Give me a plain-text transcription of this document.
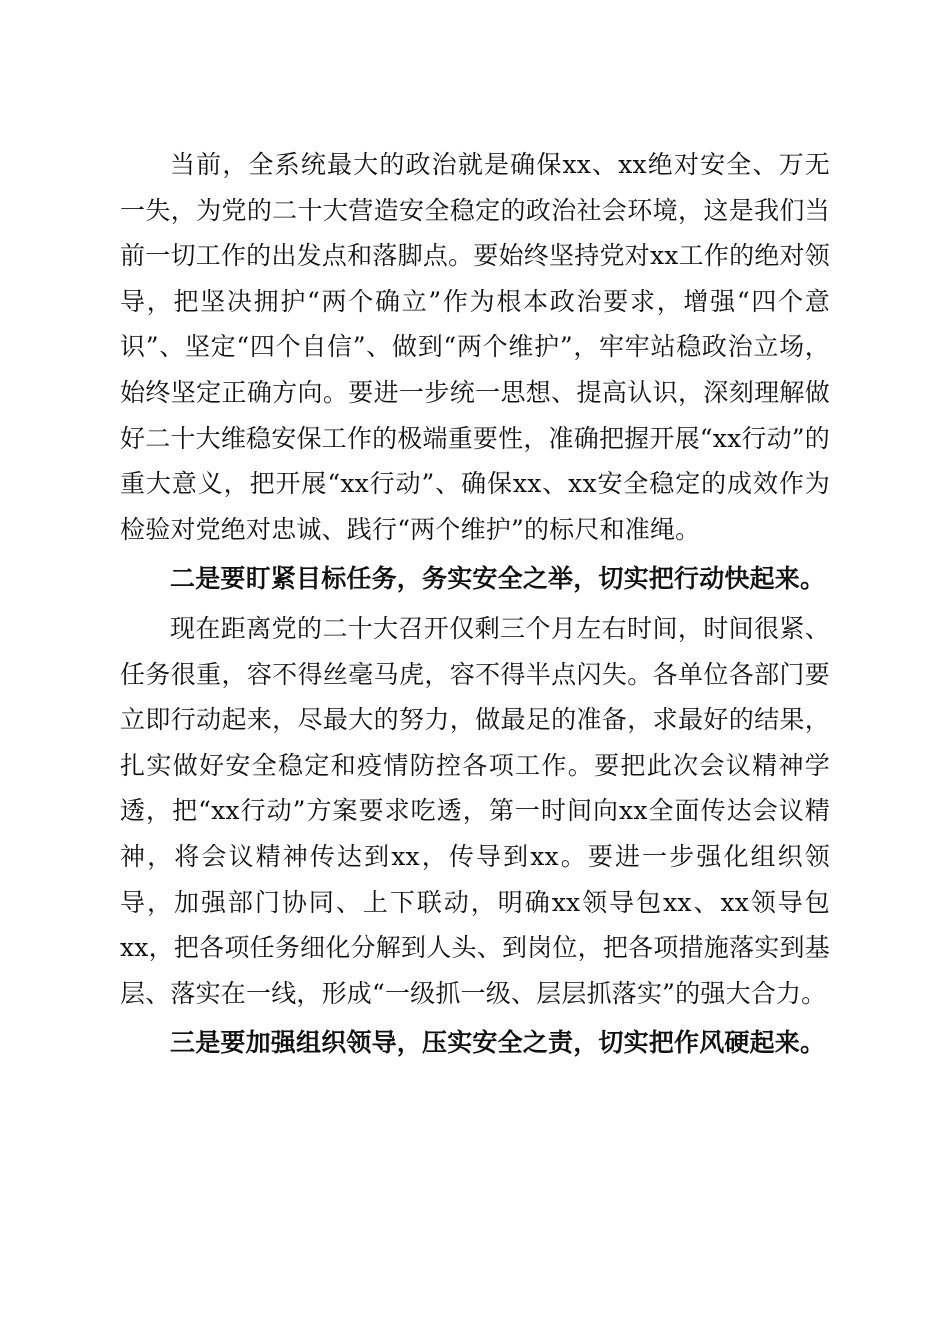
当前，全系统最大的政治就是确保xx、xx绝对安全、万无一失，为党的二十大营造安全稳定的政治社会环境，这是我们当前一切工作的出发点和落脚点。要始终坚持党对xx工作的绝对领导，把坚决拥护“两个确立”作为根本政治要求，增强“四个意识”、坚定“四个自信”、做到“两个维护”，牢牢站稳政治立场，始终坚定正确方向。要进一步统一思想、提高认识，深刻理解做好二十大维稳安保工作的极端重要性，准确把握开展“xx行动”的重大意义，把开展“xx行动”、确保xx、xx安全稳定的成效作为检验对党绝对忠诚、践行“两个维护”的标尺和准绳。

二是要盯紧目标任务，务实安全之举，切实把行动快起来。

现在距离党的二十大召开仅剩三个月左右时间，时间很紧、任务很重，容不得丝毫马虎，容不得半点闪失。各单位各部门要立即行动起来，尽最大的努力，做最足的准备，求最好的结果，扎实做好安全稳定和疫情防控各项工作。要把此次会议精神学透，把“xx行动”方案要求吃透，第一时间向xx全面传达会议精神，将会议精神传达到xx，传导到xx。要进一步强化组织领导，加强部门协同、上下联动，明确xx领导包xx、xx领导包xx，把各项任务细化分解到人头、到岗位，把各项措施落实到基层、落实在一线，形成“一级抓一级、层层抓落实”的强大合力。

三是要加强组织领导，压实安全之责，切实把作风硬起来。
